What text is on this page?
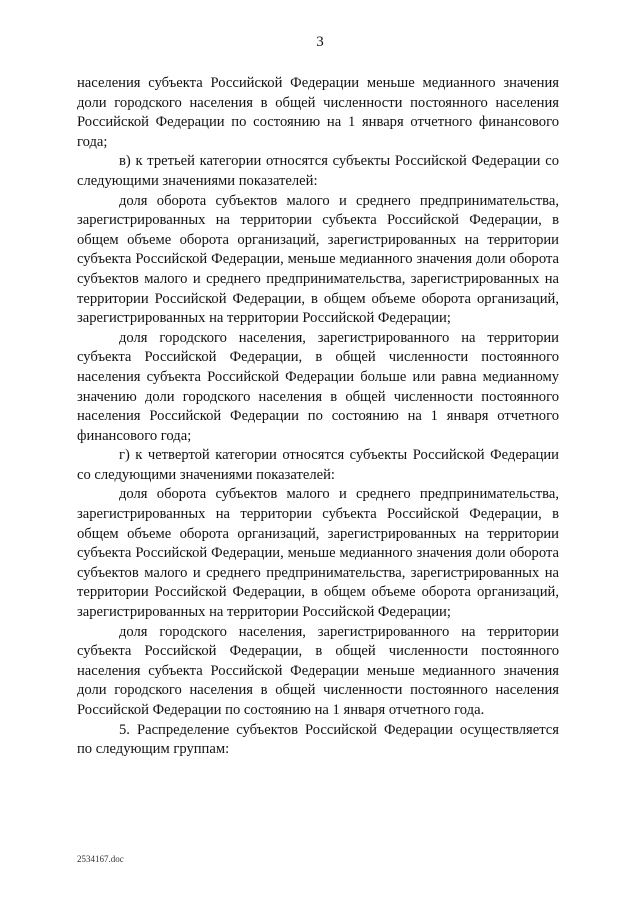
3

населения субъекта Российской Федерации меньше медианного значения доли городского населения в общей численности постоянного населения Российской Федерации по состоянию на 1 января отчетного финансового года;

в) к третьей категории относятся субъекты Российской Федерации со следующими значениями показателей:

доля оборота субъектов малого и среднего предпринимательства, зарегистрированных на территории субъекта Российской Федерации, в общем объеме оборота организаций, зарегистрированных на территории субъекта Российской Федерации, меньше медианного значения доли оборота субъектов малого и среднего предпринимательства, зарегистрированных на территории Российской Федерации, в общем объеме оборота организаций, зарегистрированных на территории Российской Федерации;

доля городского населения, зарегистрированного на территории субъекта Российской Федерации, в общей численности постоянного населения субъекта Российской Федерации больше или равна медианному значению доли городского населения в общей численности постоянного населения Российской Федерации по состоянию на 1 января отчетного финансового года;

г) к четвертой категории относятся субъекты Российской Федерации со следующими значениями показателей:

доля оборота субъектов малого и среднего предпринимательства, зарегистрированных на территории субъекта Российской Федерации, в общем объеме оборота организаций, зарегистрированных на территории субъекта Российской Федерации, меньше медианного значения доли оборота субъектов малого и среднего предпринимательства, зарегистрированных на территории Российской Федерации, в общем объеме оборота организаций, зарегистрированных на территории Российской Федерации;

доля городского населения, зарегистрированного на территории субъекта Российской Федерации, в общей численности постоянного населения субъекта Российской Федерации меньше медианного значения доли городского населения в общей численности постоянного населения Российской Федерации по состоянию на 1 января отчетного года.

5. Распределение субъектов Российской Федерации осуществляется по следующим группам:

2534167.doc
